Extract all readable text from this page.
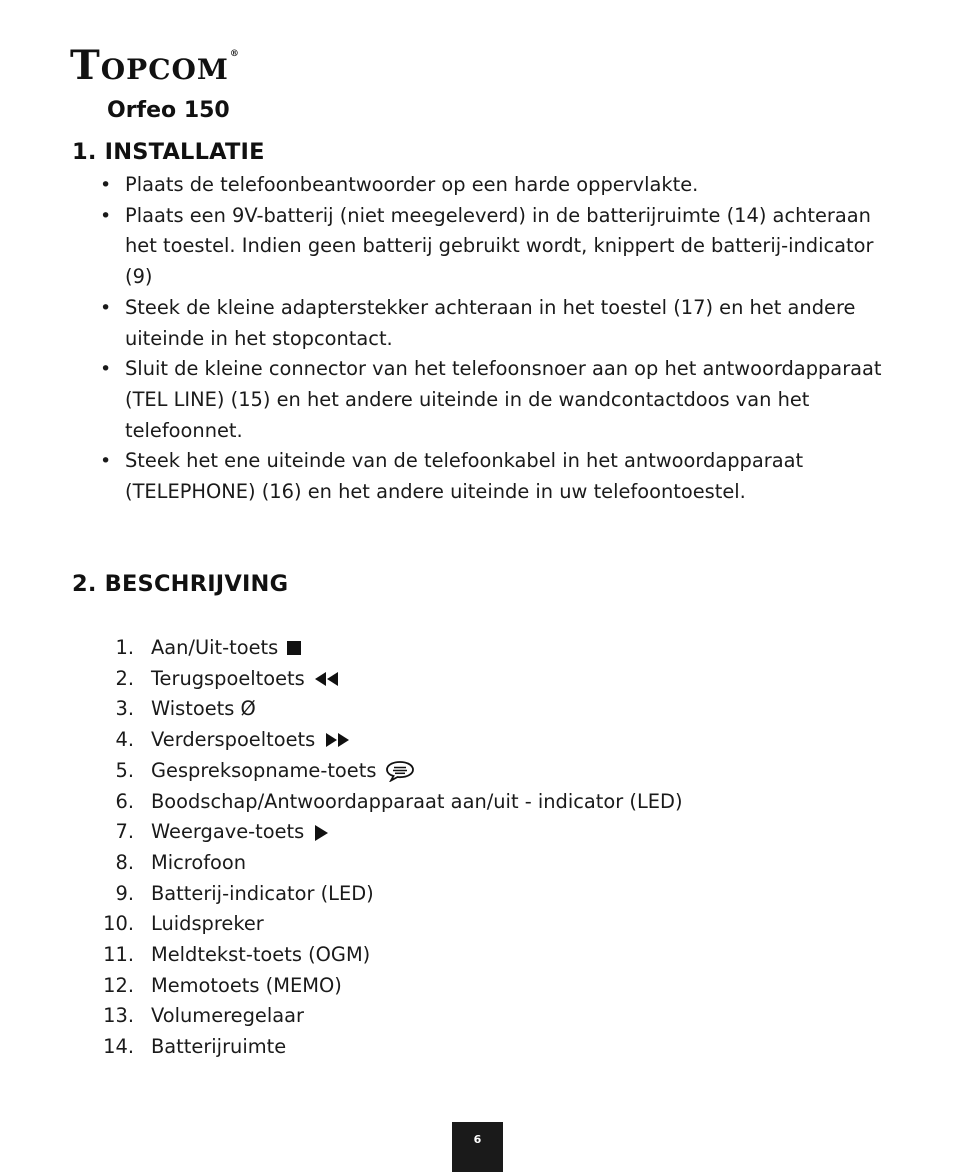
Topcom®
Orfeo 150
1. INSTALLATIE
• Plaats de telefoonbeantwoorder op een harde oppervlakte.
• Plaats een 9V-batterij (niet meegeleverd) in de batterijruimte (14) achteraan het toestel. Indien geen batterij gebruikt wordt, knippert de batterij-indicator (9)
• Steek de kleine adapterstekker achteraan in het toestel (17) en het andere uiteinde in het stopcontact.
• Sluit de kleine connector van het telefoonsnoer aan op het antwoordapparaat (TEL LINE) (15) en het andere uiteinde in de wandcontactdoos van het telefoonnet.
• Steek het ene uiteinde van de telefoonkabel in het antwoordapparaat (TELEPHONE) (16) en het andere uiteinde in uw telefoontoestel.
2. BESCHRIJVING
1. Aan/Uit-toets
2. Terugspoeltoets
3. Wistoets Ø
4. Verderspoeltoets
5. Gespreksopname-toets
6. Boodschap/Antwoordapparaat aan/uit - indicator (LED)
7. Weergave-toets
8. Microfoon
9. Batterij-indicator (LED)
10. Luidspreker
11. Meldtekst-toets (OGM)
12. Memotoets (MEMO)
13. Volumeregelaar
14. Batterijruimte
6
